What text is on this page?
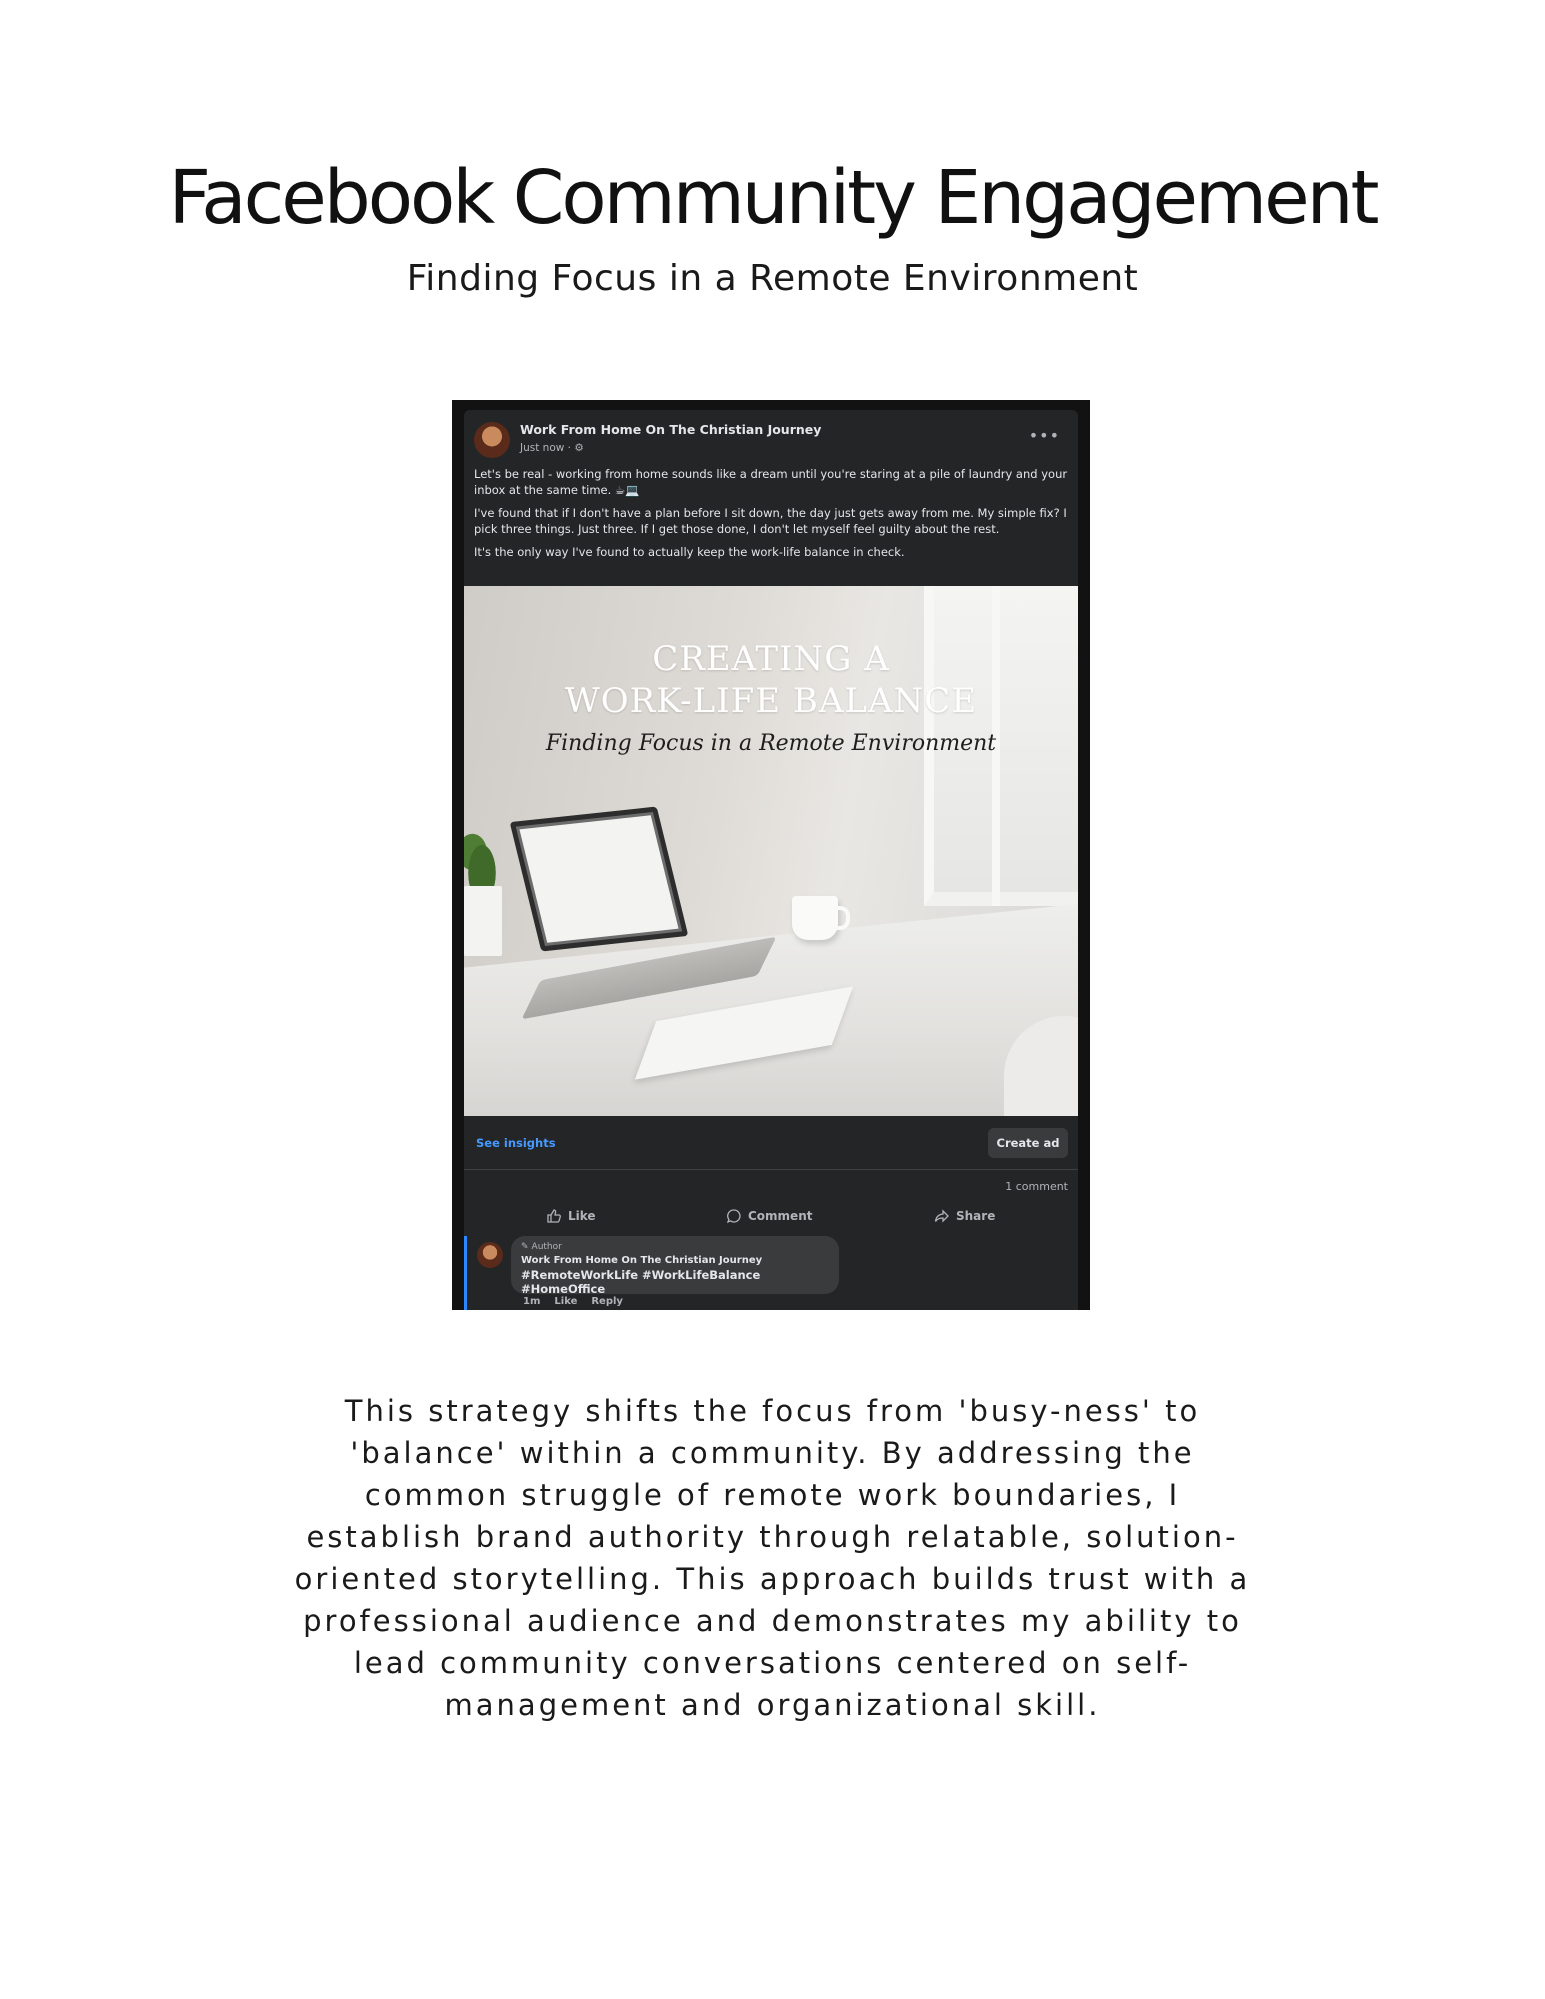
Facebook Community Engagement
Finding Focus in a Remote Environment
Work From Home On The Christian Journey
Just now · ⚙
•••

Let's be real - working from home sounds like a dream until you're staring at a pile of laundry and your inbox at the same time. ☕💻

I've found that if I don't have a plan before I sit down, the day just gets away from me. My simple fix? I pick three things. Just three. If I get those done, I don't let myself feel guilty about the rest.

It's the only way I've found to actually keep the work-life balance in check.

CREATING A
WORK-LIFE BALANCE
Finding Focus in a Remote Environment
See insights	Create ad
1 comment
Like	Comment	Share
✎ Author
Work From Home On The Christian Journey
#RemoteWorkLife #WorkLifeBalance #HomeOffice
1m Like Reply

This strategy shifts the focus from 'busy-ness' to 'balance' within a community. By addressing the common struggle of remote work boundaries, I establish brand authority through relatable, solution-oriented storytelling. This approach builds trust with a professional audience and demonstrates my ability to lead community conversations centered on self-management and organizational skill.
